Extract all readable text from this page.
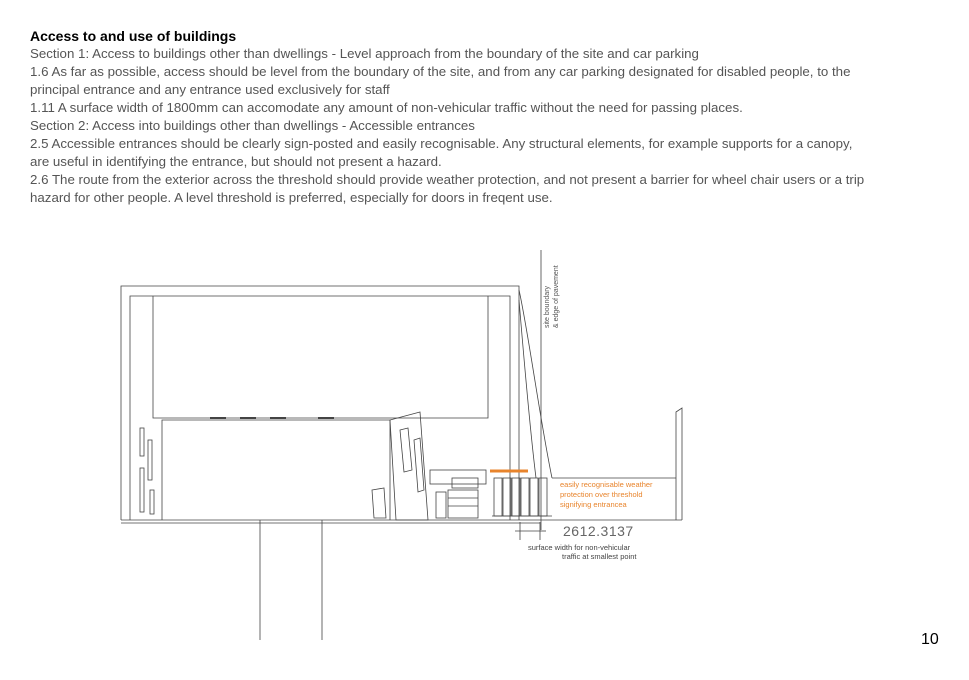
Access to and use of buildings

Section 1: Access to buildings other than dwellings - Level approach from the boundary of the site and car parking

1.6 As far as possible, access should be level from the boundary of the site, and from any car parking designated for disabled people, to the

principal entrance and any entrance used exclusively for staff

1.11 A surface width of 1800mm can accomodate any amount of non-vehicular traffic without the need for passing places.

Section 2: Access into buildings other than dwellings - Accessible entrances

2.5 Accessible entrances should be clearly sign-posted and easily recognisable. Any structural elements, for example supports for a canopy,

are useful in identifying the entrance, but should not present a hazard.

2.6 The route from the exterior across the threshold should provide weather protection, and not present a barrier for wheel chair users or a trip

hazard for other people. A level threshold is preferred, especially for doors in freqent use.

site boundary & edge of pavement
easily recognisable weather
protection over threshold
signifying entrancea
2612.3137
surface width for non-vehicular
traffic at smallest point
10
